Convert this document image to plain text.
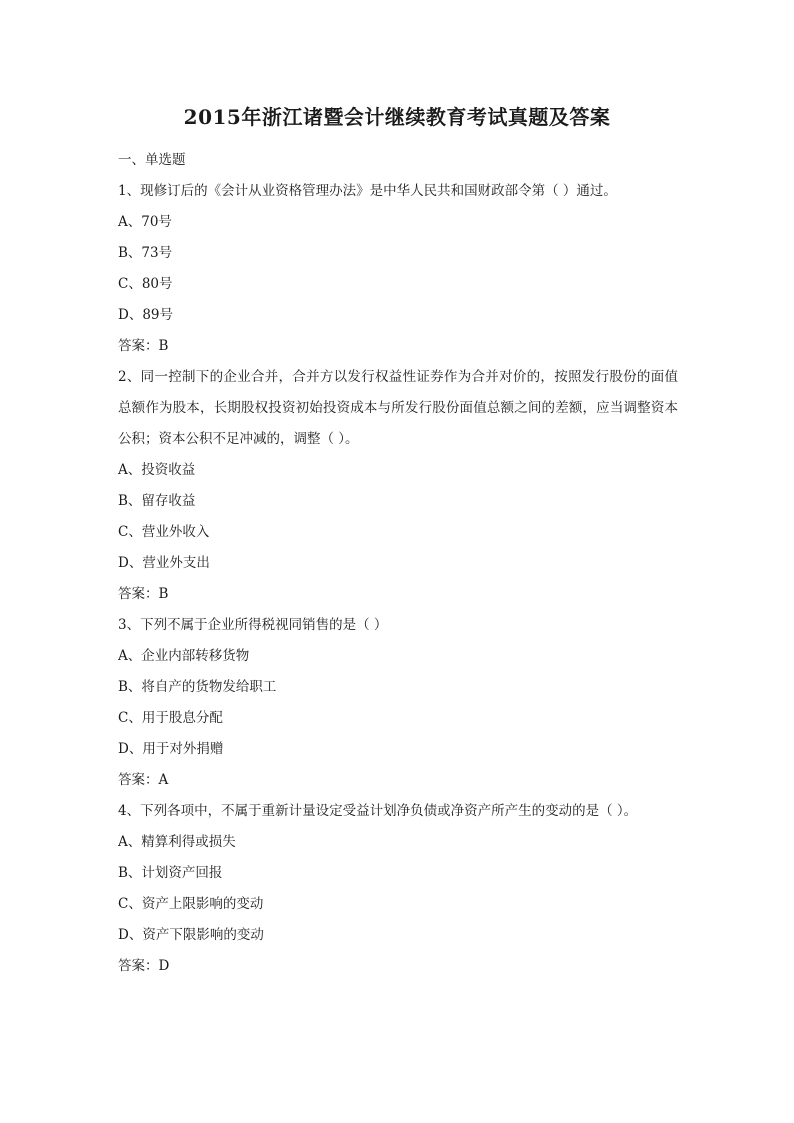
2015年浙江诸暨会计继续教育考试真题及答案
一、单选题
1、现修订后的《会计从业资格管理办法》是中华人民共和国财政部令第（ ）通过。
A、70号
B、73号
C、80号
D、89号
答案：B
2、同一控制下的企业合并，合并方以发行权益性证券作为合并对价的，按照发行股份的面值总额作为股本，长期股权投资初始投资成本与所发行股份面值总额之间的差额，应当调整资本公积；资本公积不足冲减的，调整（ ）。
A、投资收益
B、留存收益
C、营业外收入
D、营业外支出
答案：B
3、下列不属于企业所得税视同销售的是（ ）
A、企业内部转移货物
B、将自产的货物发给职工
C、用于股息分配
D、用于对外捐赠
答案：A
4、下列各项中，不属于重新计量设定受益计划净负债或净资产所产生的变动的是（ ）。
A、精算利得或损失
B、计划资产回报
C、资产上限影响的变动
D、资产下限影响的变动
答案：D
